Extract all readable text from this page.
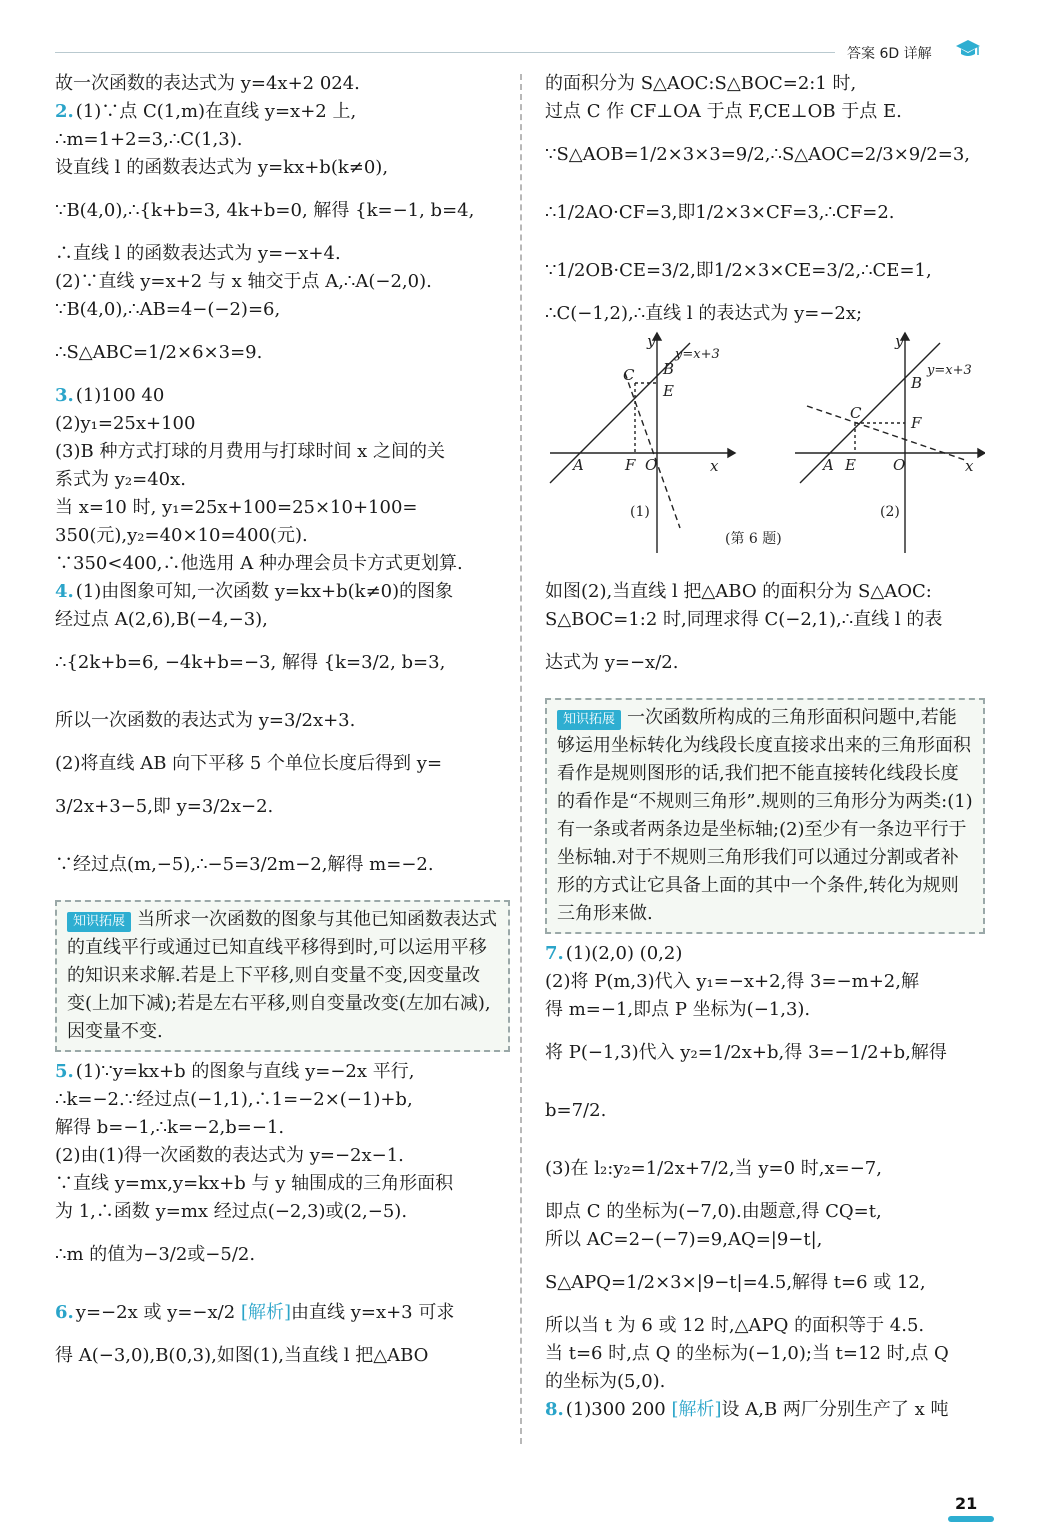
答案 6D 详解
故一次函数的表达式为 y=4x+2 024.
2. (1)∵点 C(1,m)在直线 y=x+2 上,
∴m=1+2=3,∴C(1,3).
设直线 l 的函数表达式为 y=kx+b(k≠0),
∵B(4,0),∴{k+b=3, 4k+b=0, 解得 {k=−1, b=4,
∴直线 l 的函数表达式为 y=−x+4.
(2)∵直线 y=x+2 与 x 轴交于点 A,∴A(−2,0).
∵B(4,0),∴AB=4−(−2)=6,
∴S△ABC=1/2×6×3=9.
3. (1)100 40
(2)y₁=25x+100
(3)B 种方式打球的月费用与打球时间 x 之间的关
系式为 y₂=40x.
当 x=10 时, y₁=25x+100=25×10+100=
350(元),y₂=40×10=400(元).
∵350<400,∴他选用 A 种办理会员卡方式更划算.
4. (1)由图象可知,一次函数 y=kx+b(k≠0)的图象
经过点 A(2,6),B(−4,−3),
∴{2k+b=6, −4k+b=−3, 解得 {k=3/2, b=3,
所以一次函数的表达式为 y=3/2x+3.
(2)将直线 AB 向下平移 5 个单位长度后得到 y=
3/2x+3−5,即 y=3/2x−2.
∵经过点(m,−5),∴−5=3/2m−2,解得 m=−2.
知识拓展 当所求一次函数的图象与其他已知函数表达式的直线平行或通过已知直线平移得到时,可以运用平移的知识来求解.若是上下平移,则自变量不变,因变量改变(上加下减);若是左右平移,则自变量改变(左加右减),因变量不变.
5. (1)∵y=kx+b 的图象与直线 y=−2x 平行,
∴k=−2.∵经过点(−1,1),∴1=−2×(−1)+b,
解得 b=−1,∴k=−2,b=−1.
(2)由(1)得一次函数的表达式为 y=−2x−1.
∵直线 y=mx,y=kx+b 与 y 轴围成的三角形面积
为 1,∴函数 y=mx 经过点(−2,3)或(2,−5).
∴m 的值为−3/2或−5/2.
6. y=−2x 或 y=−x/2 [解析]由直线 y=x+3 可求
得 A(−3,0),B(0,3),如图(1),当直线 l 把△ABO
的面积分为 S△AOC:S△BOC=2:1 时,
过点 C 作 CF⊥OA 于点 F,CE⊥OB 于点 E.
∵S△AOB=1/2×3×3=9/2,∴S△AOC=2/3×9/2=3,
∴1/2AO·CF=3,即1/2×3×CF=3,∴CF=2.
∵1/2OB·CE=3/2,即1/2×3×CE=3/2,∴CE=1,
∴C(−1,2),∴直线 l 的表达式为 y=−2x;
y
y=x+3
x
A	F O
C B
E
(1)
y
y=x+3
x
A E O
C
B
F
(2)
(第 6 题)
如图(2),当直线 l 把△ABO 的面积分为 S△AOC:
S△BOC=1:2 时,同理求得 C(−2,1),∴直线 l 的表
达式为 y=−x/2.
知识拓展 一次函数所构成的三角形面积问题中,若能够运用坐标转化为线段长度直接求出来的三角形面积看作是规则图形的话,我们把不能直接转化线段长度的看作是“不规则三角形”.规则的三角形分为两类:(1)有一条或者两条边是坐标轴;(2)至少有一条边平行于坐标轴.对于不规则三角形我们可以通过分割或者补形的方式让它具备上面的其中一个条件,转化为规则三角形来做.
7. (1)(2,0) (0,2)
(2)将 P(m,3)代入 y₁=−x+2,得 3=−m+2,解
得 m=−1,即点 P 坐标为(−1,3).
将 P(−1,3)代入 y₂=1/2x+b,得 3=−1/2+b,解得
b=7/2.
(3)在 l₂:y₂=1/2x+7/2,当 y=0 时,x=−7,
即点 C 的坐标为(−7,0).由题意,得 CQ=t,
所以 AC=2−(−7)=9,AQ=|9−t|,
S△APQ=1/2×3×|9−t|=4.5,解得 t=6 或 12,
所以当 t 为 6 或 12 时,△APQ 的面积等于 4.5.
当 t=6 时,点 Q 的坐标为(−1,0);当 t=12 时,点 Q
的坐标为(5,0).
8. (1)300 200 [解析]设 A,B 两厂分别生产了 x 吨
21
